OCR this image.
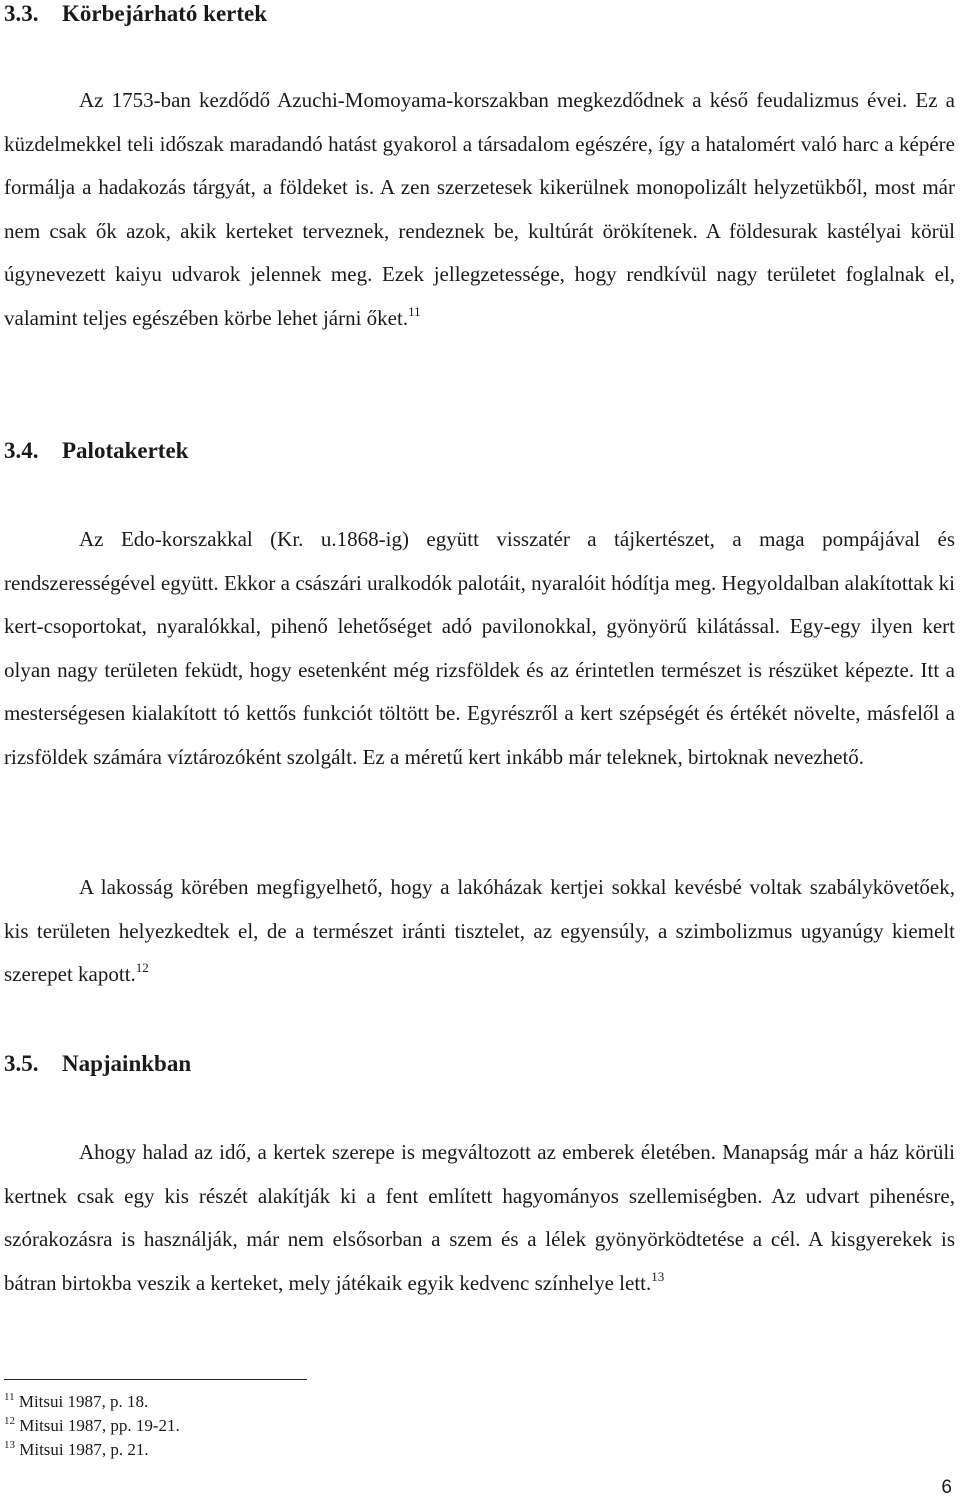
3.3. Körbejárható kertek

Az 1753-ban kezdődő Azuchi-Momoyama-korszakban megkezdődnek a késő feudalizmus évei. Ez a küzdelmekkel teli időszak maradandó hatást gyakorol a társadalom egészére, így a hatalomért való harc a képére formálja a hadakozás tárgyát, a földeket is. A zen szerzetesek kikerülnek monopolizált helyzetükből, most már nem csak ők azok, akik kerteket terveznek, rendeznek be, kultúrát örökítenek. A földesurak kastélyai körül úgynevezett kaiyu udvarok jelennek meg. Ezek jellegzetessége, hogy rendkívül nagy területet foglalnak el, valamint teljes egészében körbe lehet járni őket.$^{11}$

3.4. Palotakertek

Az Edo-korszakkal (Kr. u.1868-ig) együtt visszatér a tájkertészet, a maga pompájával és rendszerességével együtt. Ekkor a császári uralkodók palotáit, nyaralóit hódítja meg. Hegyoldalban alakítottak ki kert-csoportokat, nyaralókkal, pihenő lehetőséget adó pavilonokkal, gyönyörű kilátással. Egy-egy ilyen kert olyan nagy területen feküdt, hogy esetenként még rizsföldek és az érintetlen természet is részüket képezte. Itt a mesterségesen kialakított tó kettős funkciót töltött be. Egyrészről a kert szépségét és értékét növelte, másfelől a rizsföldek számára víztározóként szolgált. Ez a méretű kert inkább már teleknek, birtoknak nevezhető.

A lakosság körében megfigyelhető, hogy a lakóházak kertjei sokkal kevésbé voltak szabálykövetőek, kis területen helyezkedtek el, de a természet iránti tisztelet, az egyensúly, a szimbolizmus ugyanúgy kiemelt szerepet kapott.$^{12}$

3.5. Napjainkban

Ahogy halad az idő, a kertek szerepe is megváltozott az emberek életében. Manapság már a ház körüli kertnek csak egy kis részét alakítják ki a fent említett hagyományos szellemiségben. Az udvart pihenésre, szórakozásra is használják, már nem elsősorban a szem és a lélek gyönyörködtetése a cél. A kisgyerekek is bátran birtokba veszik a kerteket, mely játékaik egyik kedvenc színhelye lett.$^{13}$

$^{11}$ Mitsui 1987, p. 18.
$^{12}$ Mitsui 1987, pp. 19-21.
$^{13}$ Mitsui 1987, p. 21.
6
